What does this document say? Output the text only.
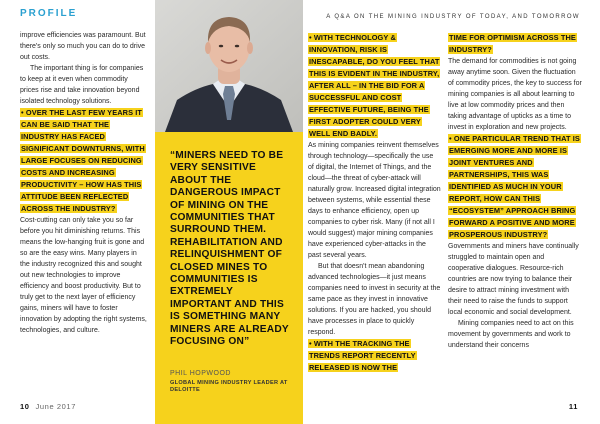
PROFILE	A Q&A ON THE MINING INDUSTRY OF TODAY, AND TOMORROW

improve efficiencies was paramount. But there's only so much you can do to drive out costs.

The important thing is for companies to keep at it even when commodity prices rise and take innovation beyond isolated technology solutions.

• OVER THE LAST FEW YEARS IT CAN BE SAID THAT THE INDUSTRY HAS FACED SIGNIFICANT DOWNTURNS, WITH LARGE FOCUSES ON REDUCING COSTS AND INCREASING PRODUCTIVITY – HOW HAS THIS ATTITUDE BEEN REFLECTED ACROSS THE INDUSTRY?

Cost-cutting can only take you so far before you hit diminishing returns. This means the low-hanging fruit is gone and so are the easy wins. Many players in the industry recognized this and sought out new technologies to improve efficiency and boost productivity. But to truly get to the next layer of efficiency gains, miners will have to foster innovation by adopting the right systems, technologies, and culture.

“MINERS NEED TO BE VERY SENSITIVE ABOUT THE DANGEROUS IMPACT OF MINING ON THE COMMUNITIES THAT SURROUND THEM. REHABILITATION AND RELINQUISHMENT OF CLOSED MINES TO COMMUNITIES IS EXTREMELY IMPORTANT AND THIS IS SOMETHING MANY MINERS ARE ALREADY FOCUSING ON”
PHIL HOPWOOD
GLOBAL MINING INDUSTRY LEADER AT DELOITTE

• WITH TECHNOLOGY & INNOVATION, RISK IS INESCAPABLE, DO YOU FEEL THAT THIS IS EVIDENT IN THE INDUSTRY, AFTER ALL – IN THE BID FOR A SUCCESSFUL AND COST EFFECTIVE FUTURE, BEING THE FIRST ADOPTER COULD VERY WELL END BADLY.

As mining companies reinvent themselves through technology—specifically the use of digital, the Internet of Things, and the cloud—the threat of cyber-attack will naturally grow. Increased digital integration between systems, while essential these days to enhance efficiency, open up companies to cyber risk. Many (if not all I would suggest) major mining companies have experienced cyber-attacks in the past several years.

But that doesn't mean abandoning advanced technologies—it just means companies need to invest in security at the same pace as they invest in innovative solutions. If you are hacked, you should have processes in place to quickly respond.

• WITH THE TRACKING THE TRENDS REPORT RECENTLY RELEASED IS NOW THE

TIME FOR OPTIMISM ACROSS THE INDUSTRY?

The demand for commodities is not going away anytime soon. Given the fluctuation of commodity prices, the key to success for mining companies is all about learning to live at low commodity prices and then taking advantage of upticks as a time to invest in exploration and new projects.

• ONE PARTICULAR TREND THAT IS EMERGING MORE AND MORE IS JOINT VENTURES AND PARTNERSHIPS, THIS WAS IDENTIFIED AS MUCH IN YOUR REPORT, HOW CAN THIS “ECOSYSTEM” APPROACH BRING FORWARD A POSITIVE AND MORE PROSPEROUS INDUSTRY?

Governments and miners have continually struggled to maintain open and cooperative dialogues. Resource-rich countries are now trying to balance their desire to attract mining investment with their need to raise the funds to support local economic and social development.

Mining companies need to act on this movement by governments and work to understand their concerns

10 June 2017	11
